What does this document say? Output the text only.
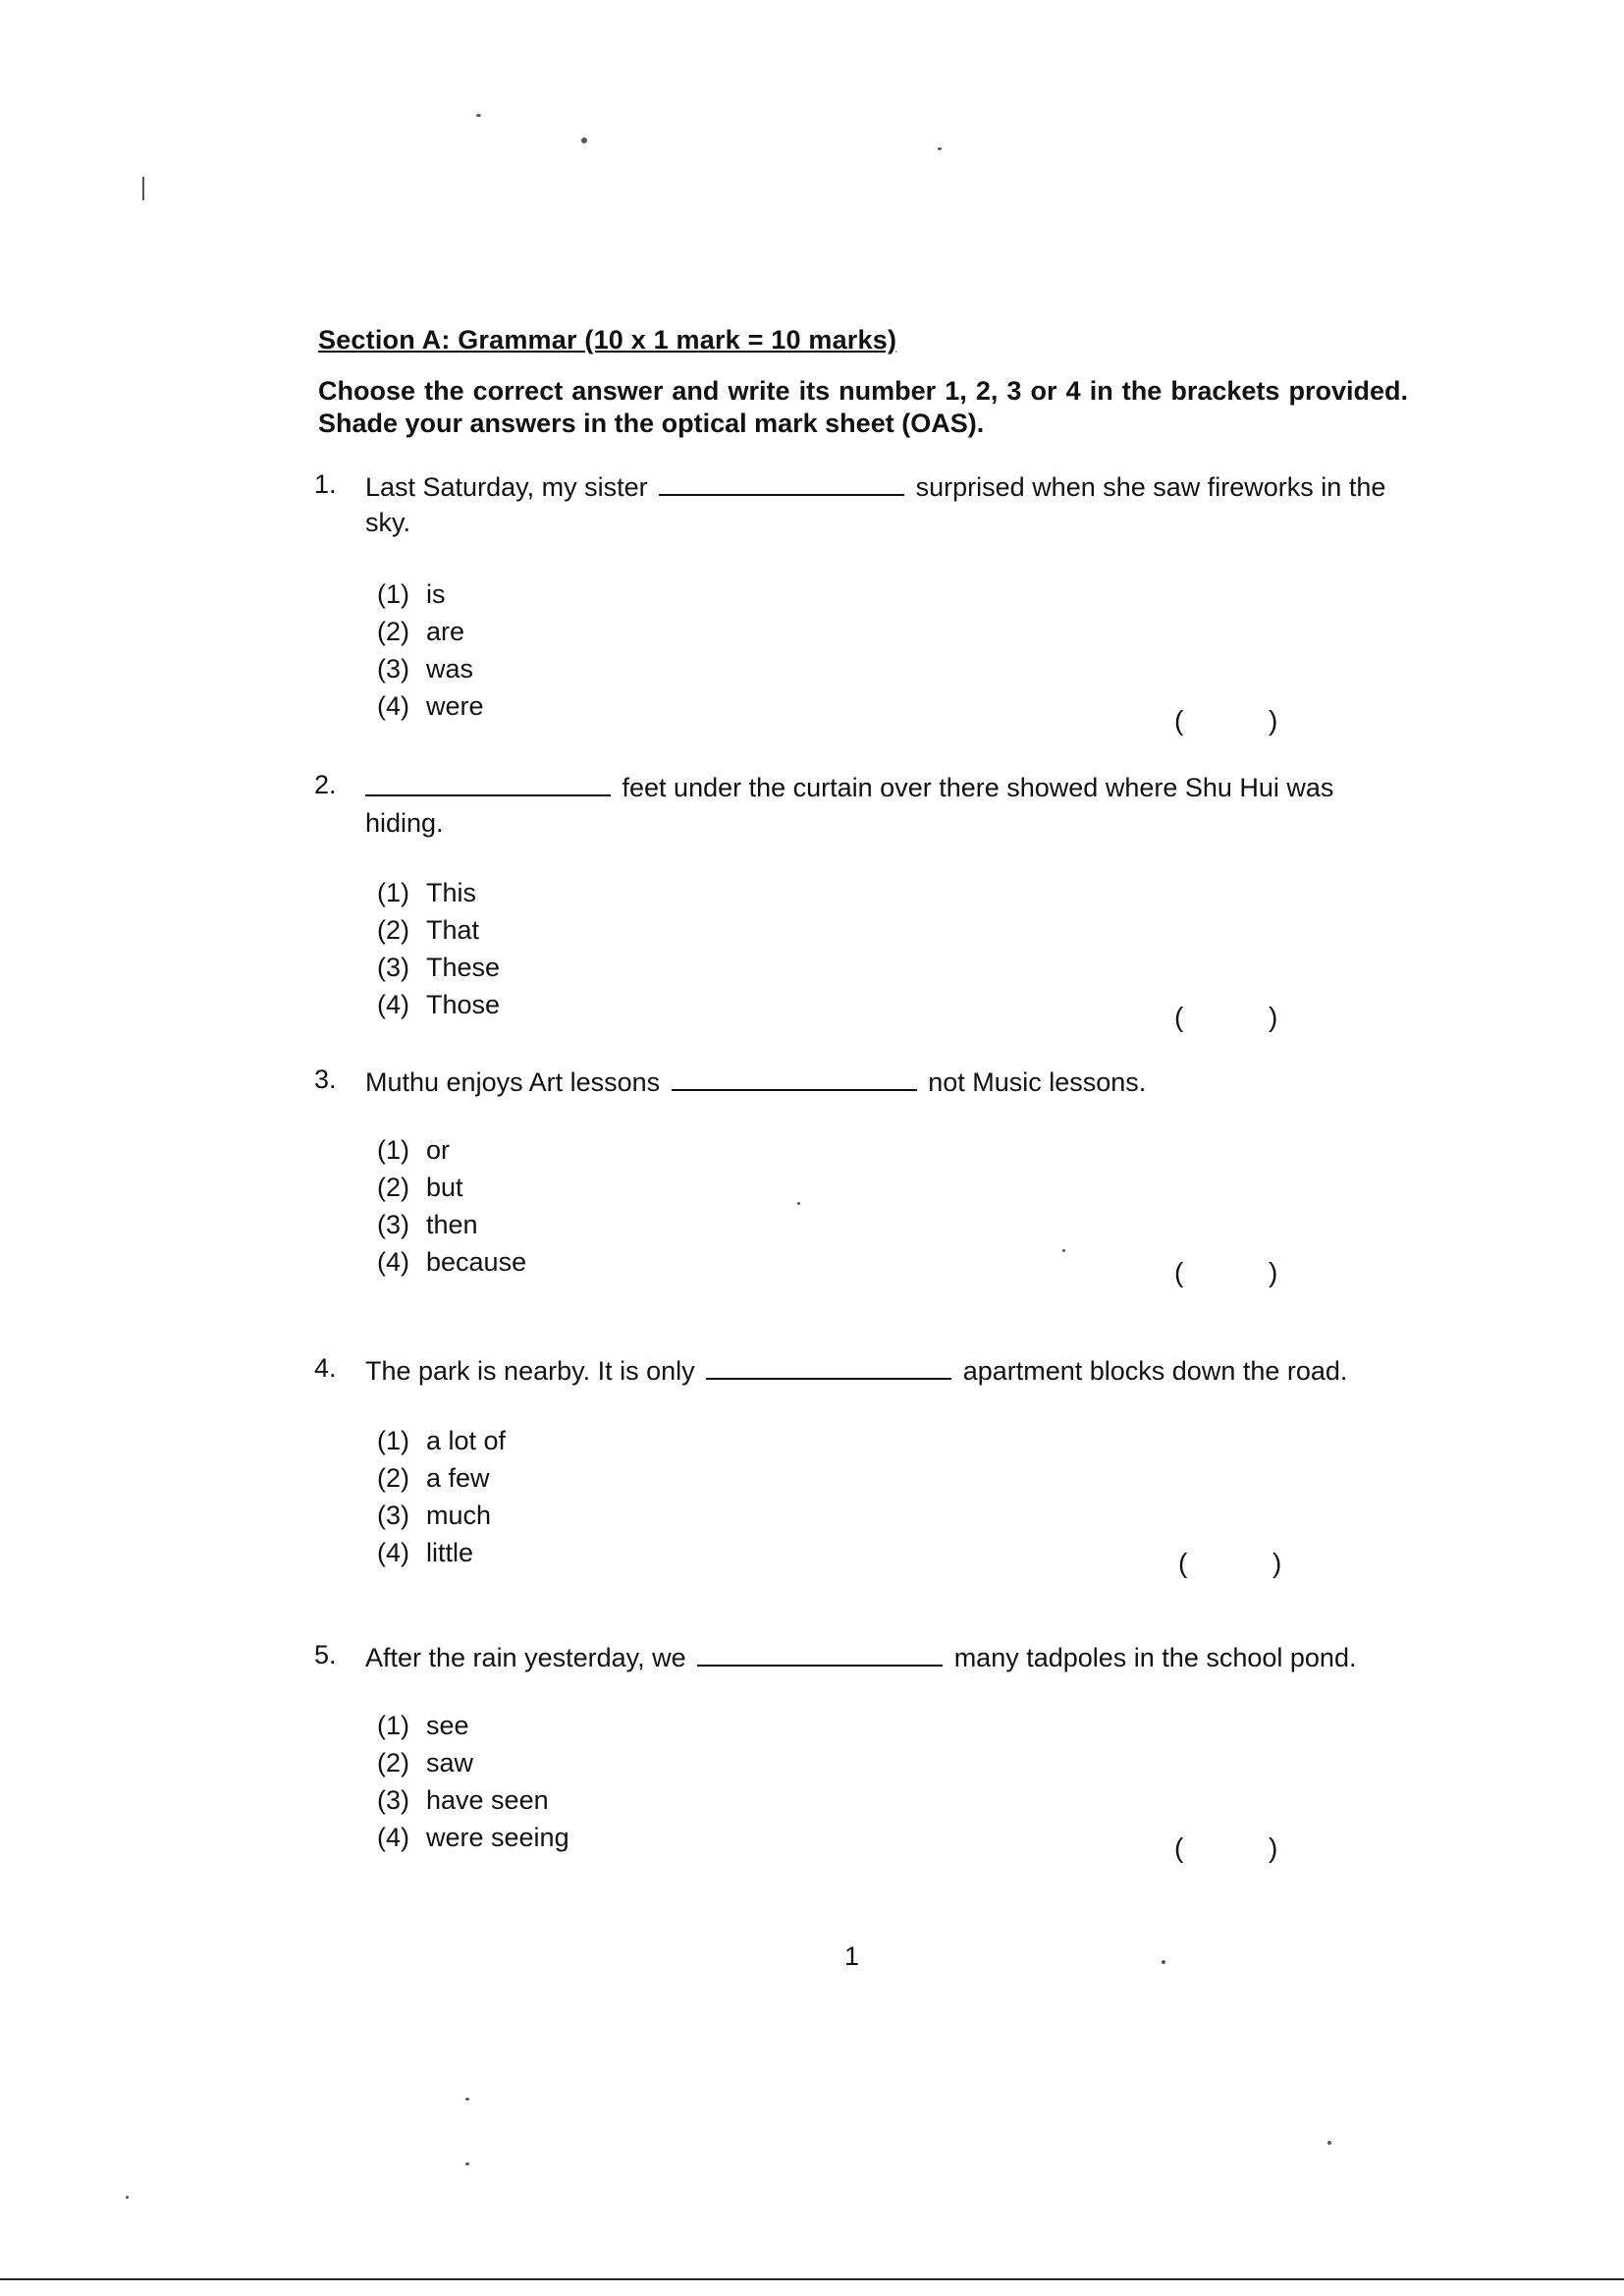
Section A: Grammar (10 x 1 mark = 10 marks)
Choose the correct answer and write its number 1, 2, 3 or 4 in the brackets provided. Shade your answers in the optical mark sheet (OAS).
1. Last Saturday, my sister	surprised when she saw fireworks in the sky.
(1) is
(2) are
(3) was
(4) were	(	)
2.	feet under the curtain over there showed where Shu Hui was hiding.
(1) This
(2) That
(3) These
(4) Those	(	)
3. Muthu enjoys Art lessons	not Music lessons.
(1) or
(2) but
(3) then
(4) because	(	)
4. The park is nearby. It is only	apartment blocks down the road.
(1) a lot of
(2) a few
(3) much
(4) little	(	)
5. After the rain yesterday, we	many tadpoles in the school pond.
(1) see
(2) saw
(3) have seen
(4) were seeing	(	)
1
